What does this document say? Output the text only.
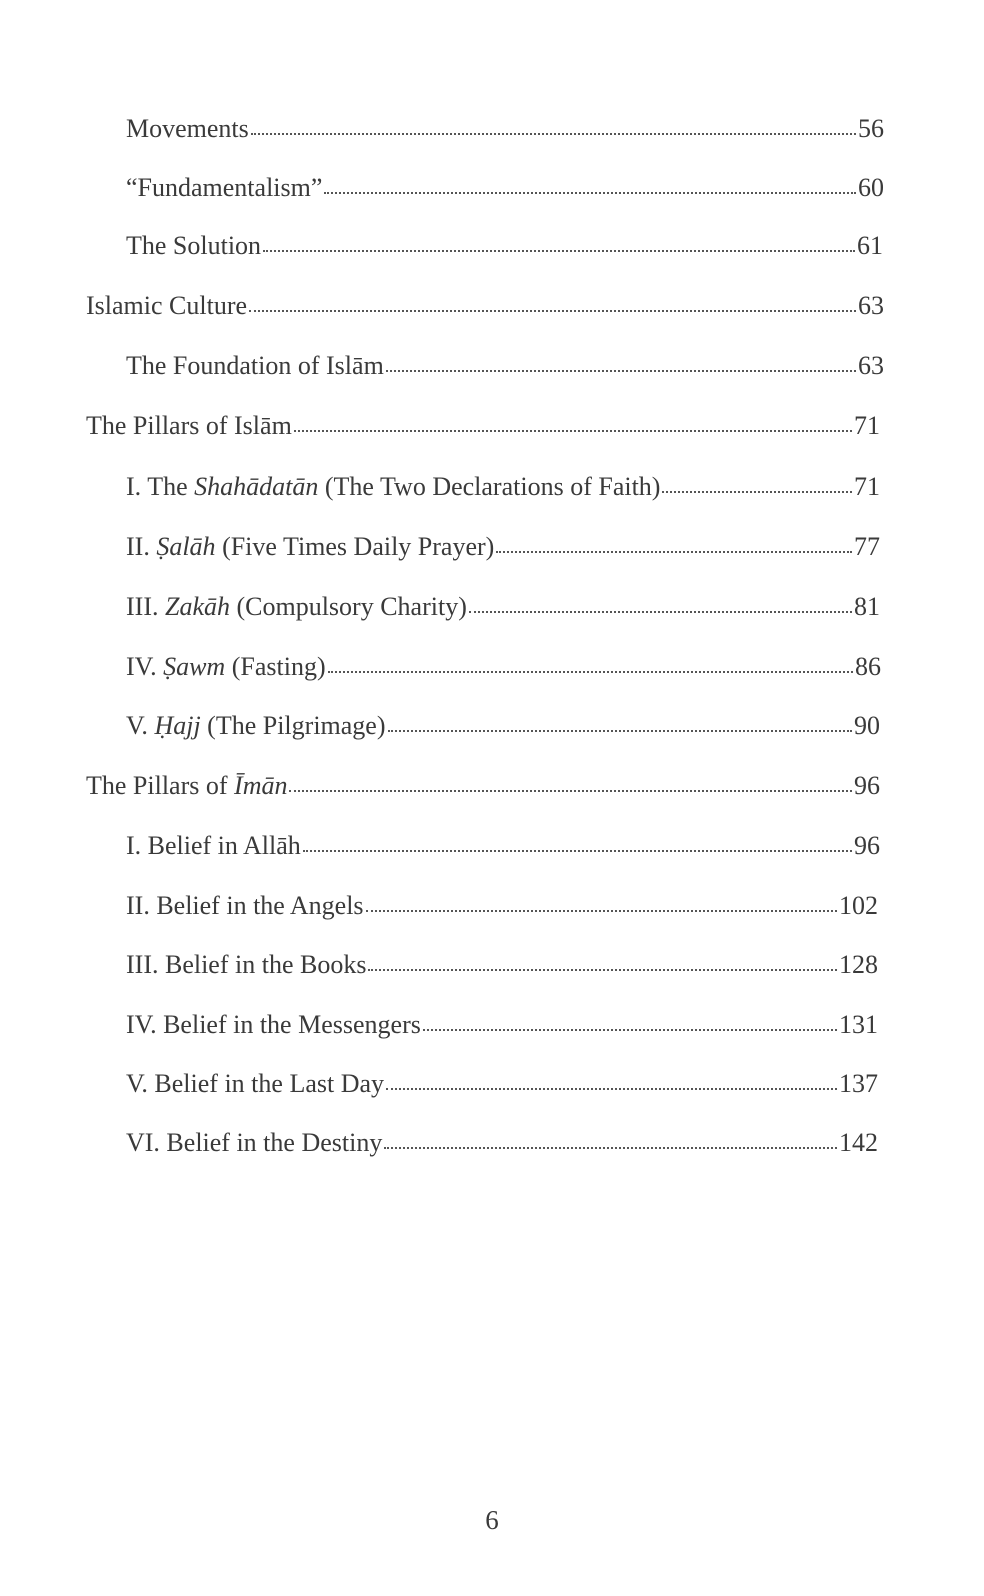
Movements	56
“Fundamentalism”	60
The Solution	61
Islamic Culture	63
The Foundation of Islām	63
The Pillars of Islām	71
I. The Shahādatān (The Two Declarations of Faith)	71
II. Ṣalāh (Five Times Daily Prayer)	77
III. Zakāh (Compulsory Charity)	81
IV. Ṣawm (Fasting)	86
V. Ḥajj (The Pilgrimage)	90
The Pillars of Īmān	96
I. Belief in Allāh	96
II. Belief in the Angels	102
III. Belief in the Books	128
IV. Belief in the Messengers	131
V. Belief in the Last Day	137
VI. Belief in the Destiny	142
6
